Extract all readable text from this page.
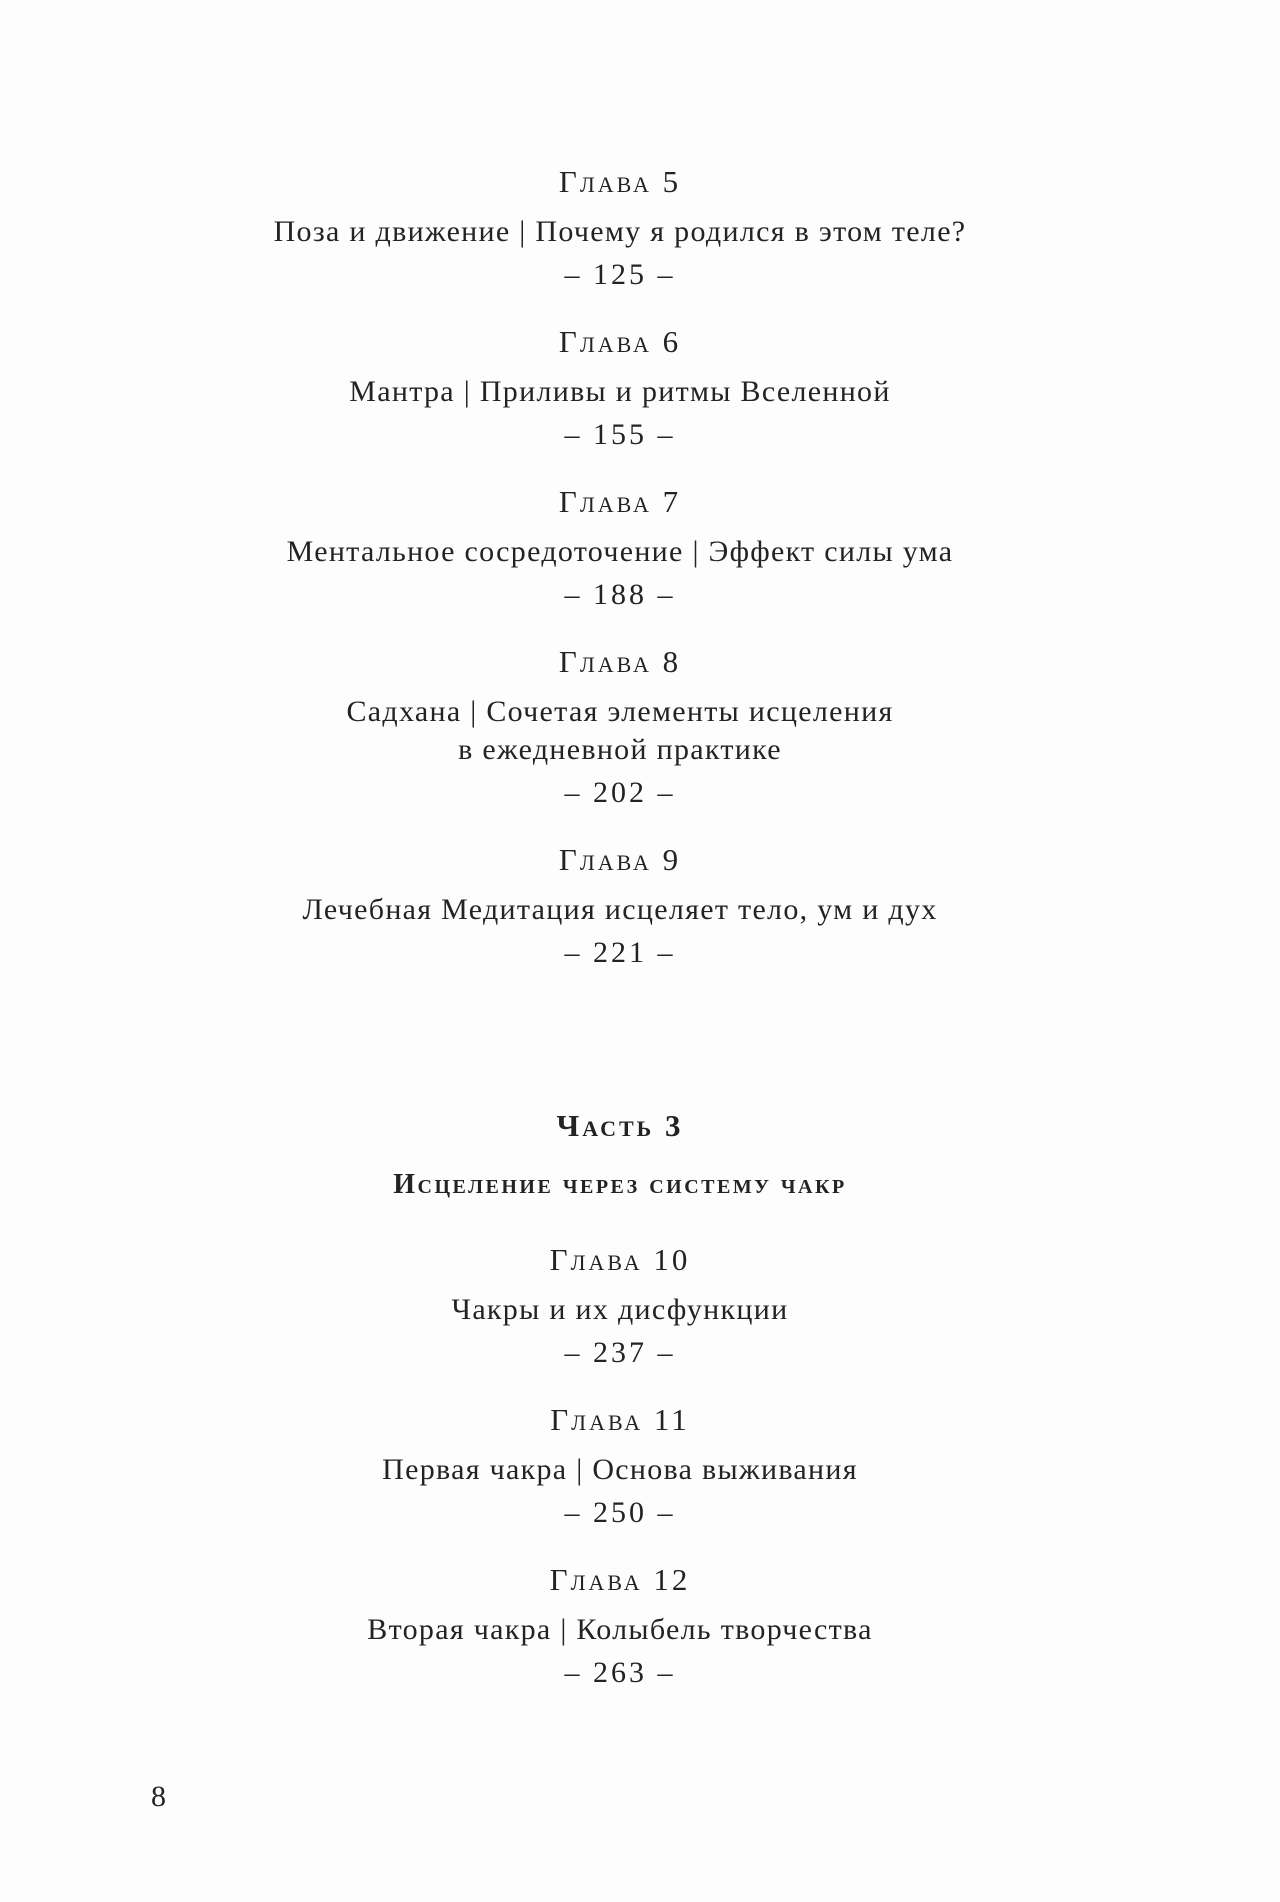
Глава 5
Поза и движение | Почему я родился в этом теле?
– 125 –
Глава 6
Мантра | Приливы и ритмы Вселенной
– 155 –
Глава 7
Ментальное сосредоточение | Эффект силы ума
– 188 –
Глава 8
Садхана | Сочетая элементы исцеления
в ежедневной практике
– 202 –
Глава 9
Лечебная Медитация исцеляет тело, ум и дух
– 221 –
Часть 3
Исцеление через систему чакр
Глава 10
Чакры и их дисфункции
– 237 –
Глава 11
Первая чакра | Основа выживания
– 250 –
Глава 12
Вторая чакра | Колыбель творчества
– 263 –
8
